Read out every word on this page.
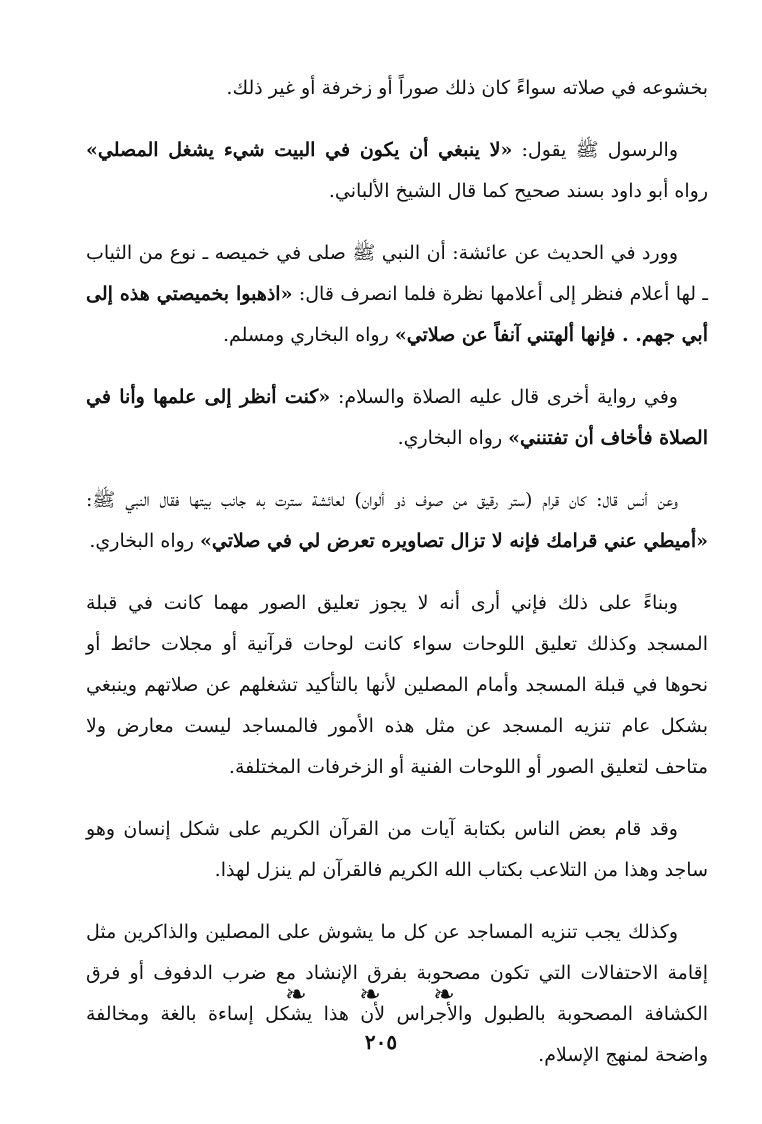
بخشوعه في صلاته سواءً كان ذلك صوراً أو زخرفة أو غير ذلك.

والرسول ﷺ يقول: «لا ينبغي أن يكون في البيت شيء يشغل المصلي» رواه أبو داود بسند صحيح كما قال الشيخ الألباني.

وورد في الحديث عن عائشة: أن النبي ﷺ صلى في خميصه ـ نوع من الثياب ـ لها أعلام فنظر إلى أعلامها نظرة فلما انصرف قال: «اذهبوا بخميصتي هذه إلى أبي جهم. . فإنها ألهتني آنفاً عن صلاتي» رواه البخاري ومسلم.

وفي رواية أخرى قال عليه الصلاة والسلام: «كنت أنظر إلى علمها وأنا في الصلاة فأخاف أن تفتنني» رواه البخاري.

وعن أنس قال: كان قرام (ستر رقيق من صوف ذو ألوان) لعائشة سترت به جانب بيتها فقال النبي ﷺ: «أميطي عني قرامك فإنه لا تزال تصاويره تعرض لي في صلاتي» رواه البخاري.

وبناءً على ذلك فإني أرى أنه لا يجوز تعليق الصور مهما كانت في قبلة المسجد وكذلك تعليق اللوحات سواء كانت لوحات قرآنية أو مجلات حائط أو نحوها في قبلة المسجد وأمام المصلين لأنها بالتأكيد تشغلهم عن صلاتهم وينبغي بشكل عام تنزيه المسجد عن مثل هذه الأمور فالمساجد ليست معارض ولا متاحف لتعليق الصور أو اللوحات الفنية أو الزخرفات المختلفة.

وقد قام بعض الناس بكتابة آيات من القرآن الكريم على شكل إنسان وهو ساجد وهذا من التلاعب بكتاب الله الكريم فالقرآن لم ينزل لهذا.

وكذلك يجب تنزيه المساجد عن كل ما يشوش على المصلين والذاكرين مثل إقامة الاحتفالات التي تكون مصحوبة بفرق الإنشاد مع ضرب الدفوف أو فرق الكشافة المصحوبة بالطبول والأجراس لأن هذا يشكل إساءة بالغة ومخالفة واضحة لمنهج الإسلام.

❧ ❧ ❧
٢٠٥
